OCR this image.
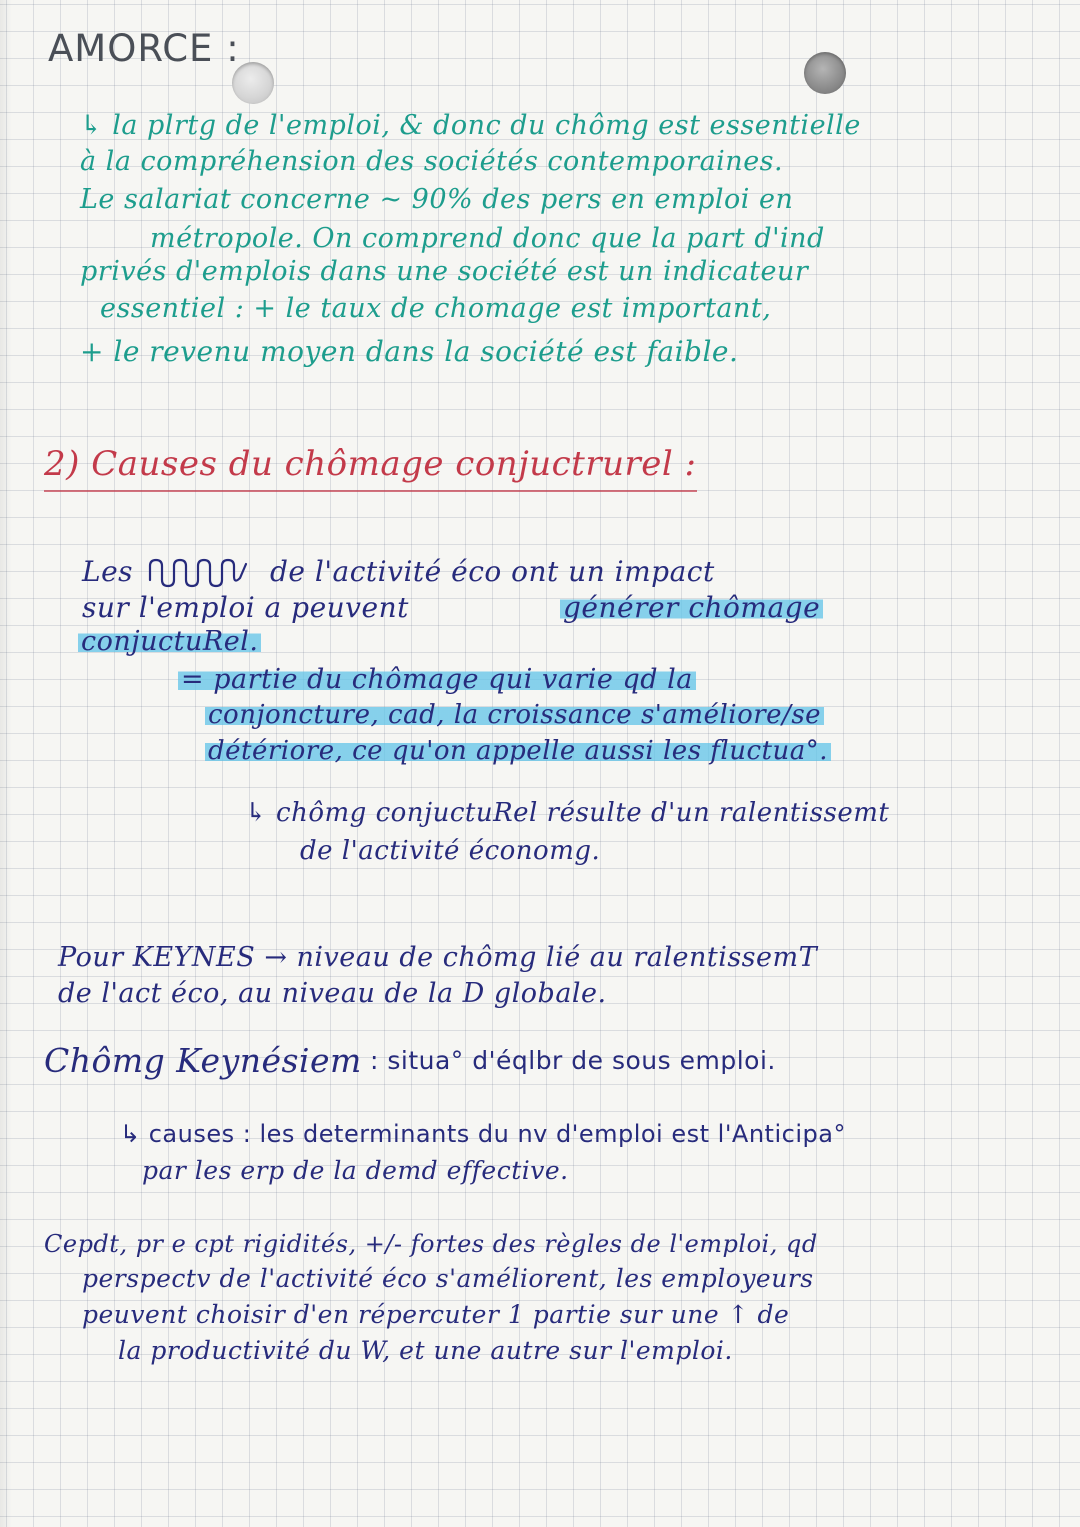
AMORCE :
↳ la plrtg de l'emploi, & donc du chômg est essentielle
à la compréhension des sociétés contemporaines.
Le salariat concerne ~ 90% des pers en emploi en
métropole. On comprend donc que la part d'ind
privés d'emplois dans une société est un indicateur
essentiel : + le taux de chomage est important,
+ le revenu moyen dans la société est faible.
2) Causes du chômage conjuctrurel :
Les	de l'activité éco ont un impact
sur l'emploi a peuvent	générer chômage
conjuctuRel.
= partie du chômage qui varie qd la
conjoncture, cad, la croissance s'améliore/se
détériore, ce qu'on appelle aussi les fluctua°.
↳ chômg conjuctuRel résulte d'un ralentissemt
de l'activité économg.
Pour KEYNES → niveau de chômg lié au ralentissemT
de l'act éco, au niveau de la D globale.
Chômg Keynésiem : situa° d'éqlbr de sous emploi.
↳ causes : les determinants du nv d'emploi est l'Anticipa°
par les erp de la demd effective.
Cepdt, pr e cpt rigidités, +/- fortes des règles de l'emploi, qd
perspectv de l'activité éco s'améliorent, les employeurs
peuvent choisir d'en répercuter 1 partie sur une ↑ de
la productivité du W, et une autre sur l'emploi.
